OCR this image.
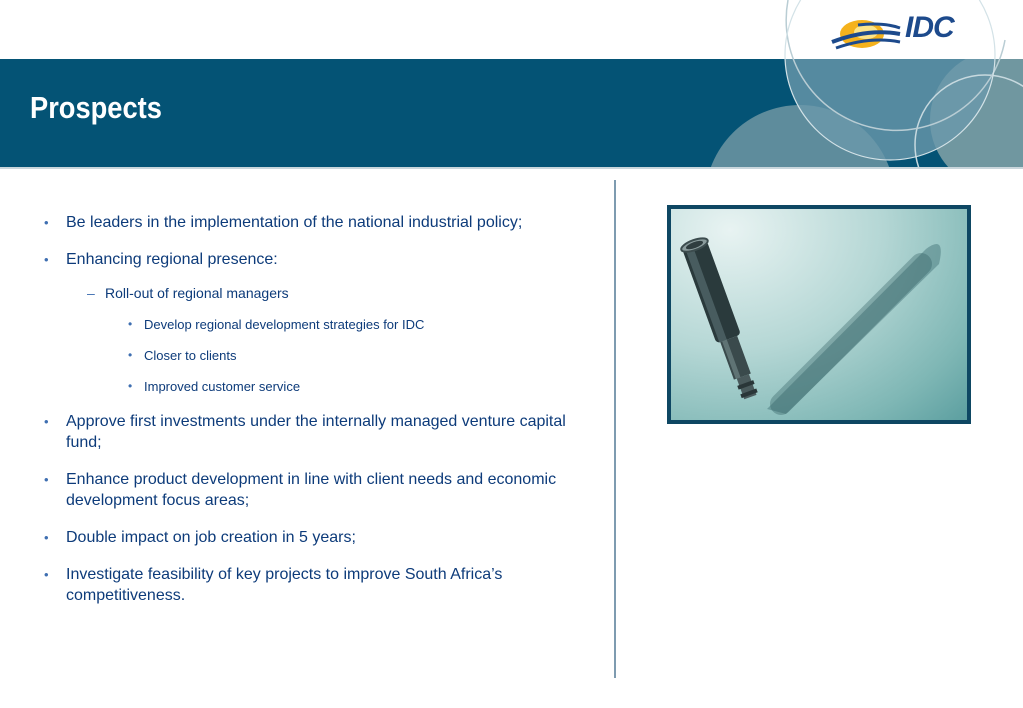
Prospects
IDC
• Be leaders in the implementation of the national industrial policy;
• Enhancing regional presence:
– Roll-out of regional managers
• Develop regional development strategies for IDC
• Closer to clients
• Improved customer service
• Approve first investments under the internally managed venture capital fund;
• Enhance product development in line with client needs and economic development focus areas;
• Double impact on job creation in 5 years;
• Investigate feasibility of key projects to improve South Africa’s competitiveness.
